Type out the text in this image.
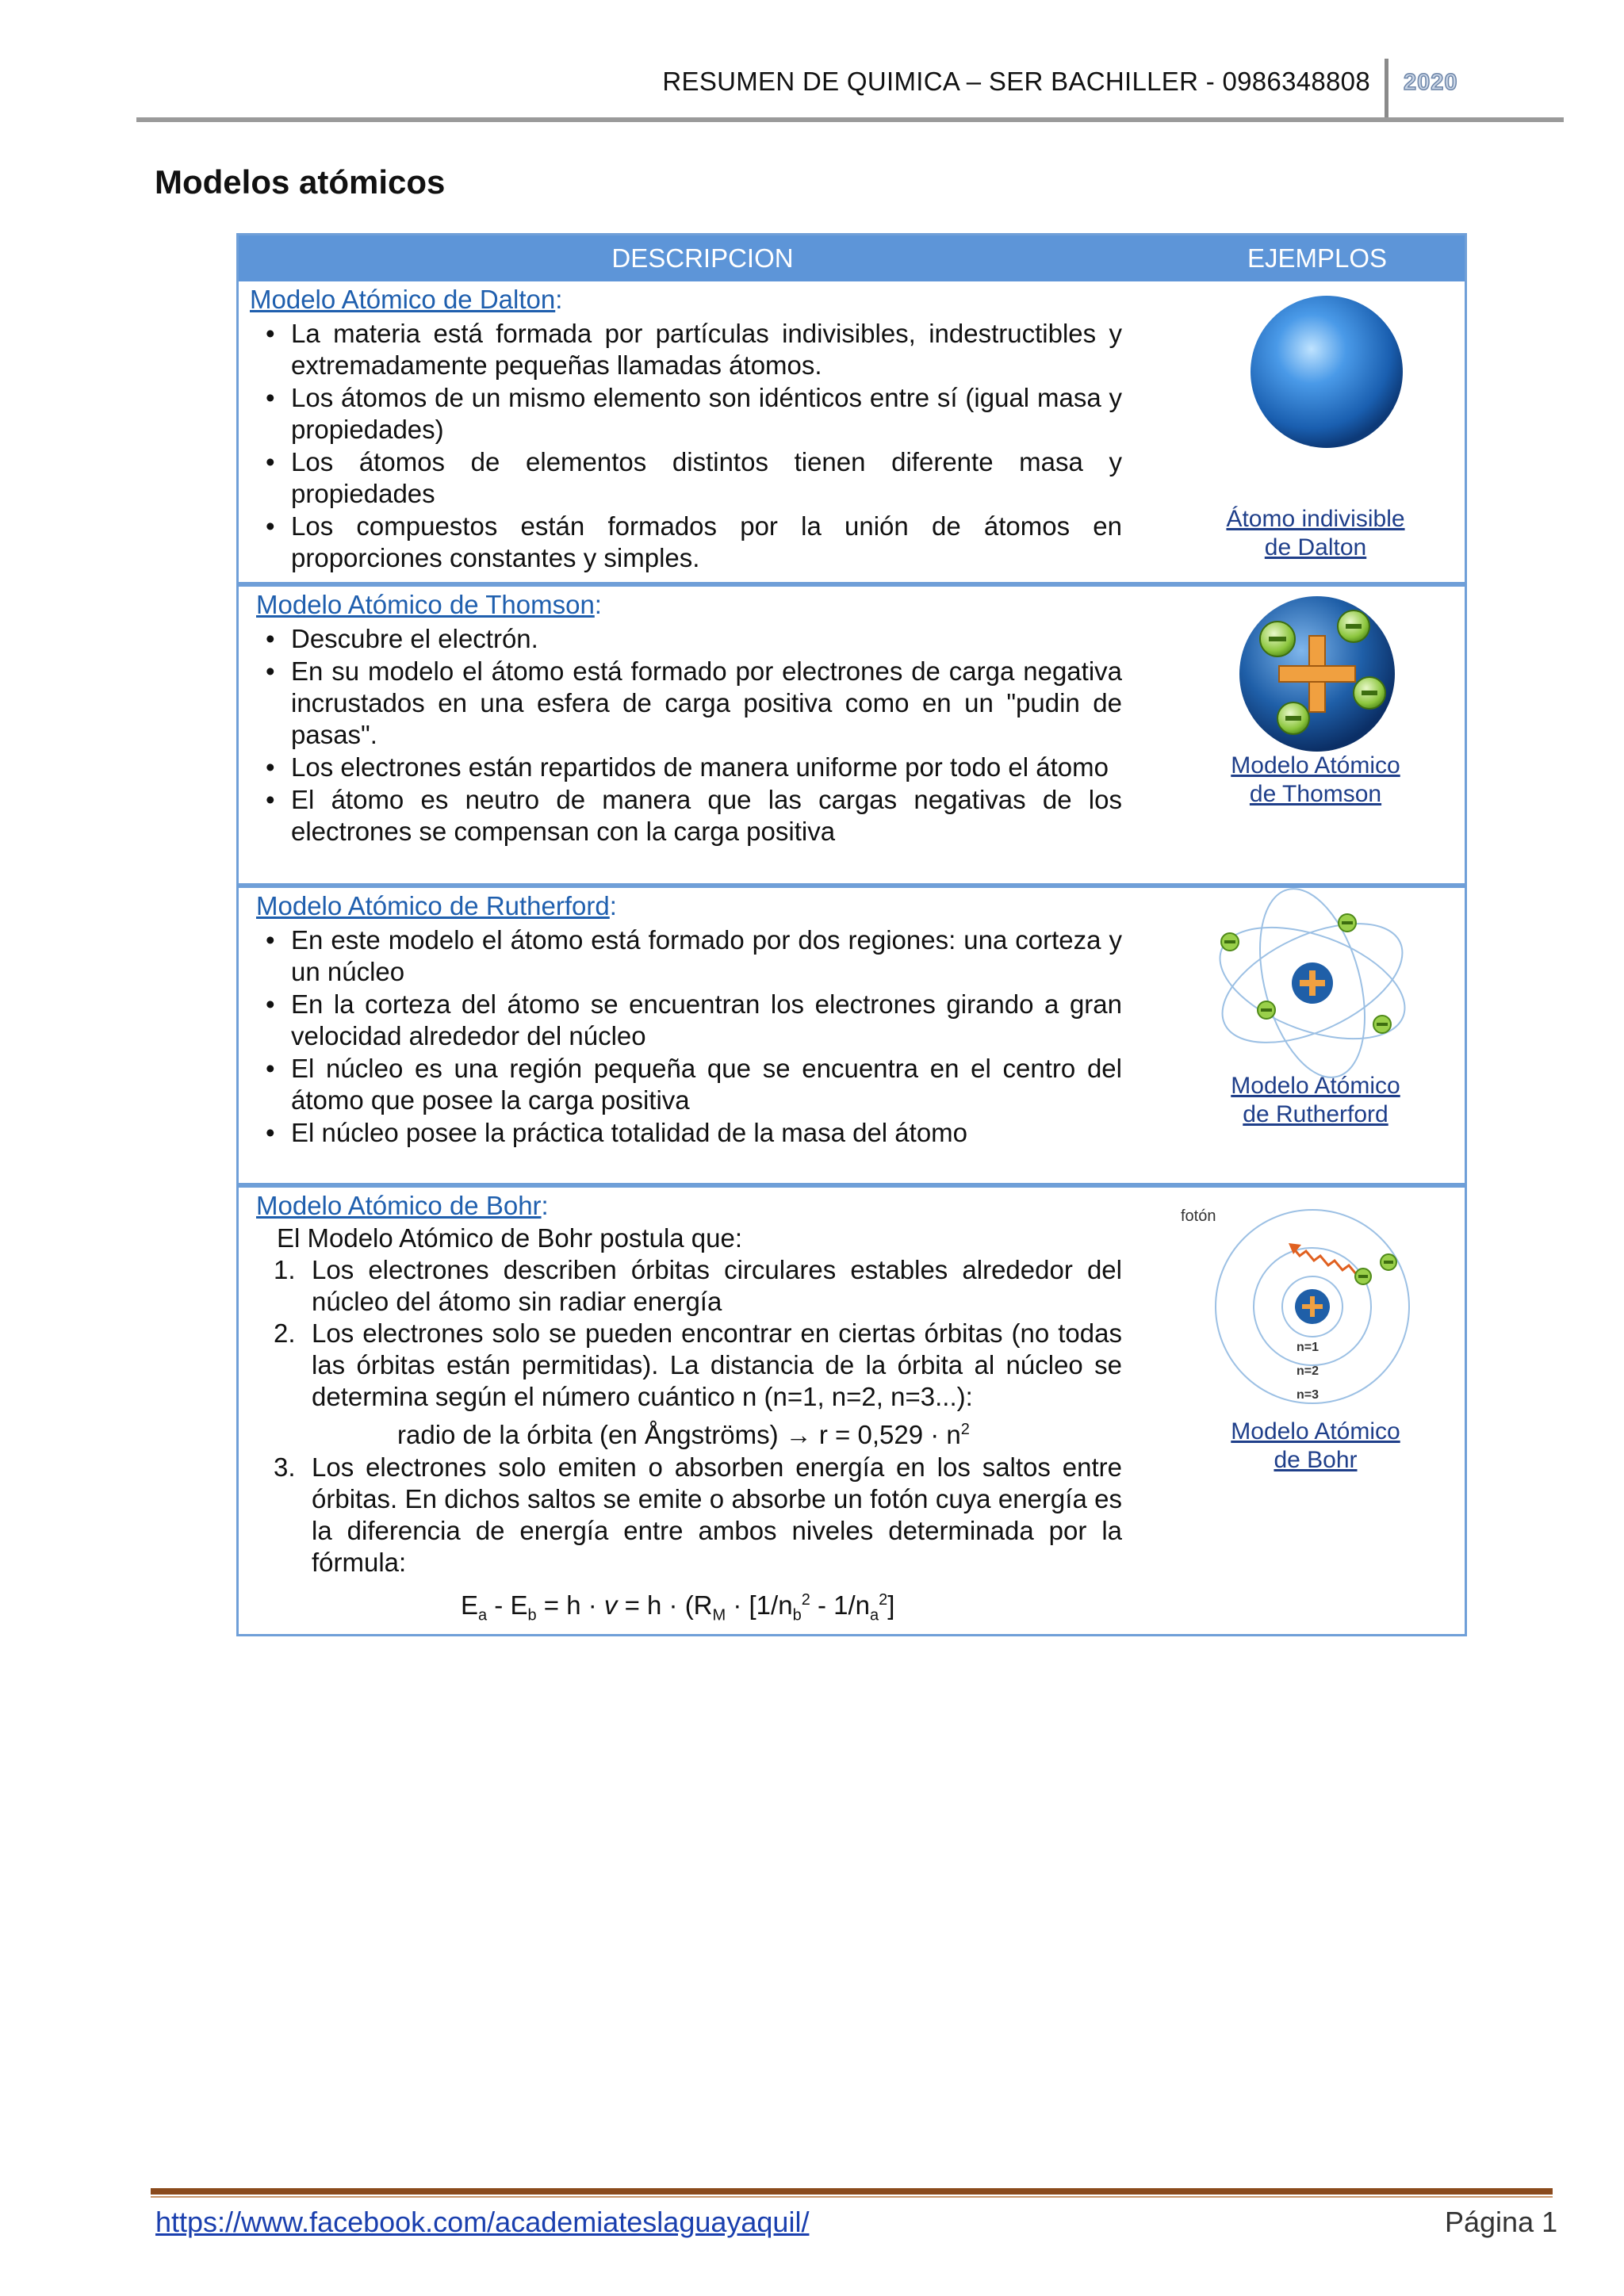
RESUMEN DE QUIMICA – SER BACHILLER - 0986348808 2020
Modelos atómicos
DESCRIPCION	EJEMPLOS
Modelo Atómico de Dalton:
• La materia está formada por partículas indivisibles, indestructibles y extremadamente pequeñas llamadas átomos.
• Los átomos de un mismo elemento son idénticos entre sí (igual masa y propiedades)
• Los átomos de elementos distintos tienen diferente masa y propiedades
• Los compuestos están formados por la unión de átomos en proporciones constantes y simples.
Átomo indivisible
de Dalton
Modelo Atómico de Thomson:
• Descubre el electrón.
• En su modelo el átomo está formado por electrones de carga negativa incrustados en una esfera de carga positiva como en un "pudin de pasas".
• Los electrones están repartidos de manera uniforme por todo el átomo
• El átomo es neutro de manera que las cargas negativas de los electrones se compensan con la carga positiva
Modelo Atómico
de Thomson
Modelo Atómico de Rutherford:
• En este modelo el átomo está formado por dos regiones: una corteza y un núcleo
• En la corteza del átomo se encuentran los electrones girando a gran velocidad alrededor del núcleo
• El núcleo es una región pequeña que se encuentra en el centro del átomo que posee la carga positiva
• El núcleo posee la práctica totalidad de la masa del átomo
Modelo Atómico
de Rutherford
Modelo Atómico de Bohr:
El Modelo Atómico de Bohr postula que:
1. Los electrones describen órbitas circulares estables alrededor del núcleo del átomo sin radiar energía
2. Los electrones solo se pueden encontrar en ciertas órbitas (no todas las órbitas están permitidas). La distancia de la órbita al núcleo se determina según el número cuántico n (n=1, n=2, n=3...):
radio de la órbita (en Ångströms) → $r = 0,529 \cdot n^2$
3. Los electrones solo emiten o absorben energía en los saltos entre órbitas. En dichos saltos se emite o absorbe un fotón cuya energía es la diferencia de energía entre ambos niveles determinada por la fórmula:
$E_a - E_b = h \cdot v = h \cdot (R_M \cdot [1/n_b^2 - 1/n_a^2]$
fotón
n=1
n=2
n=3
Modelo Atómico
de Bohr
https://www.facebook.com/academiateslaguayaquil/	Página 1
